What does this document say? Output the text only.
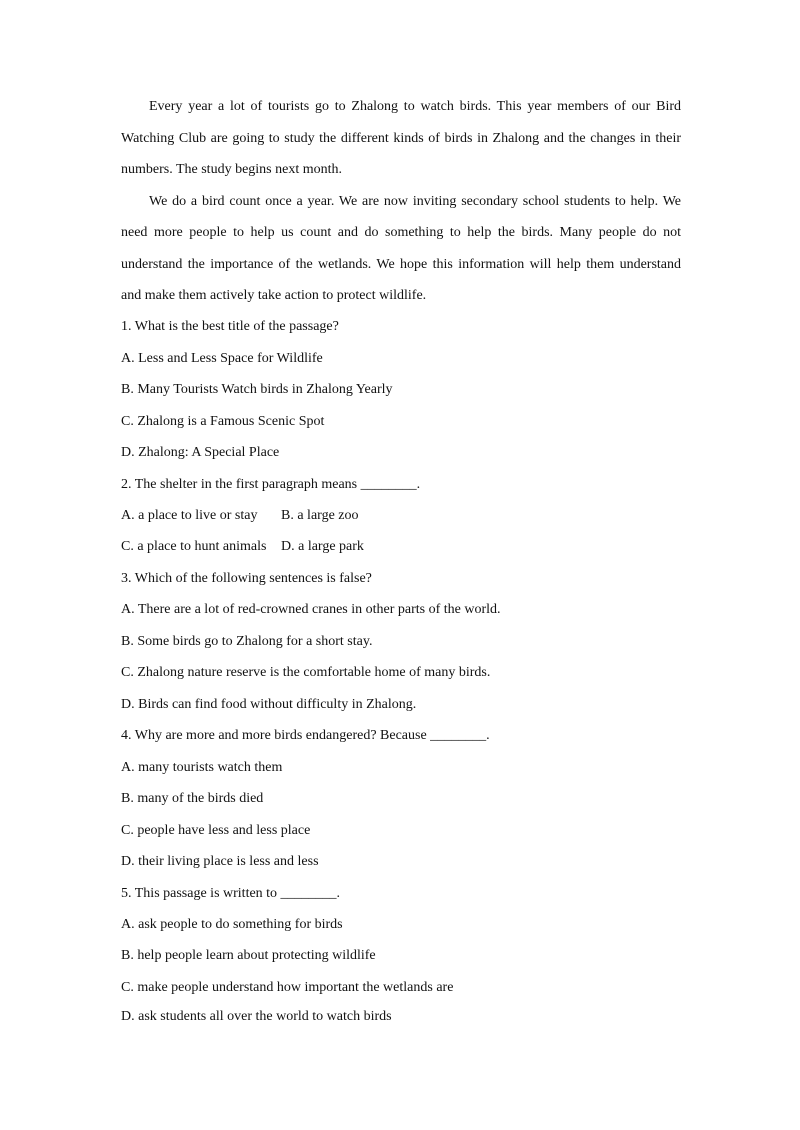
Every year a lot of tourists go to Zhalong to watch birds. This year members of our Bird

Watching Club are going to study the different kinds of birds in Zhalong and the changes in their

numbers. The study begins next month.

We do a bird count once a year. We are now inviting secondary school students to help. We

need more people to help us count and do something to help the birds. Many people do not

understand the importance of the wetlands. We hope this information will help them understand

and make them actively take action to protect wildlife.

1. What is the best title of the passage?

A. Less and Less Space for Wildlife

B. Many Tourists Watch birds in Zhalong Yearly

C. Zhalong is a Famous Scenic Spot

D. Zhalong: A Special Place

2. The shelter in the first paragraph means ________.

A. a place to live or stay B. a large zoo
C. a place to hunt animals D. a large park

3. Which of the following sentences is false?

A. There are a lot of red-crowned cranes in other parts of the world.

B. Some birds go to Zhalong for a short stay.

C. Zhalong nature reserve is the comfortable home of many birds.

D. Birds can find food without difficulty in Zhalong.

4. Why are more and more birds endangered? Because ________.

A. many tourists watch them

B. many of the birds died

C. people have less and less place

D. their living place is less and less

5. This passage is written to ________.

A. ask people to do something for birds

B. help people learn about protecting wildlife

C. make people understand how important the wetlands are

D. ask students all over the world to watch birds
